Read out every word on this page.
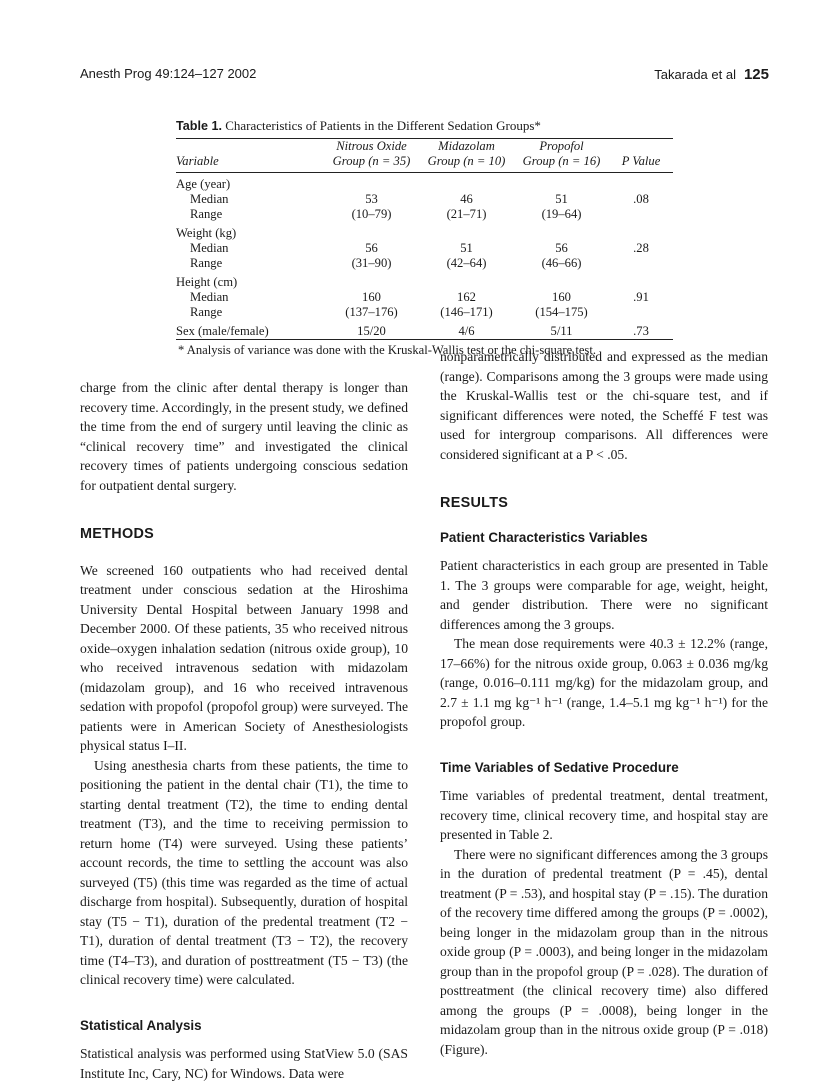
Anesth Prog 49:124–127 2002	Takarada et al 125
Table 1. Characteristics of Patients in the Different Sedation Groups*
	Nitrous Oxide	Midazolam	Propofol	
Variable	Group (n = 35)	Group (n = 10)	Group (n = 16)	P Value
Age (year)				
Median	53	46	51	.08
Range	(10–79)	(21–71)	(19–64)	
Weight (kg)				
Median	56	51	56	.28
Range	(31–90)	(42–64)	(46–66)	
Height (cm)				
Median	160	162	160	.91
Range	(137–176)	(146–171)	(154–175)	
Sex (male/female)	15/20	4/6	5/11	.73
* Analysis of variance was done with the Kruskal-Wallis test or the chi-square test.

charge from the clinic after dental therapy is longer than recovery time. Accordingly, in the present study, we defined the time from the end of surgery until leaving the clinic as “clinical recovery time” and investigated the clinical recovery times of patients undergoing conscious sedation for outpatient dental surgery.

METHODS

We screened 160 outpatients who had received dental treatment under conscious sedation at the Hiroshima University Dental Hospital between January 1998 and December 2000. Of these patients, 35 who received nitrous oxide–oxygen inhalation sedation (nitrous oxide group), 10 who received intravenous sedation with midazolam (midazolam group), and 16 who received intravenous sedation with propofol (propofol group) were surveyed. The patients were in American Society of Anesthesiologists physical status I–II.

Using anesthesia charts from these patients, the time to positioning the patient in the dental chair (T1), the time to starting dental treatment (T2), the time to ending dental treatment (T3), and the time to receiving permission to return home (T4) were surveyed. Using these patients’ account records, the time to settling the account was also surveyed (T5) (this time was regarded as the time of actual discharge from hospital). Subsequently, duration of hospital stay (T5 − T1), duration of the predental treatment (T2 − T1), duration of dental treatment (T3 − T2), the recovery time (T4–T3), and duration of posttreatment (T5 − T3) (the clinical recovery time) were calculated.

Statistical Analysis

Statistical analysis was performed using StatView 5.0 (SAS Institute Inc, Cary, NC) for Windows. Data were

nonparametrically distributed and expressed as the median (range). Comparisons among the 3 groups were made using the Kruskal-Wallis test or the chi-square test, and if significant differences were noted, the Scheffé F test was used for intergroup comparisons. All differences were considered significant at a P < .05.

RESULTS
Patient Characteristics Variables

Patient characteristics in each group are presented in Table 1. The 3 groups were comparable for age, weight, height, and gender distribution. There were no significant differences among the 3 groups.

The mean dose requirements were 40.3 ± 12.2% (range, 17–66%) for the nitrous oxide group, 0.063 ± 0.036 mg/kg (range, 0.016–0.111 mg/kg) for the midazolam group, and 2.7 ± 1.1 mg kg⁻¹ h⁻¹ (range, 1.4–5.1 mg kg⁻¹ h⁻¹) for the propofol group.

Time Variables of Sedative Procedure

Time variables of predental treatment, dental treatment, recovery time, clinical recovery time, and hospital stay are presented in Table 2.

There were no significant differences among the 3 groups in the duration of predental treatment (P = .45), dental treatment (P = .53), and hospital stay (P = .15). The duration of the recovery time differed among the groups (P = .0002), being longer in the midazolam group than in the nitrous oxide group (P = .0003), and being longer in the midazolam group than in the propofol group (P = .028). The duration of posttreatment (the clinical recovery time) also differed among the groups (P = .0008), being longer in the midazolam group than in the nitrous oxide group (P = .018) (Figure).
